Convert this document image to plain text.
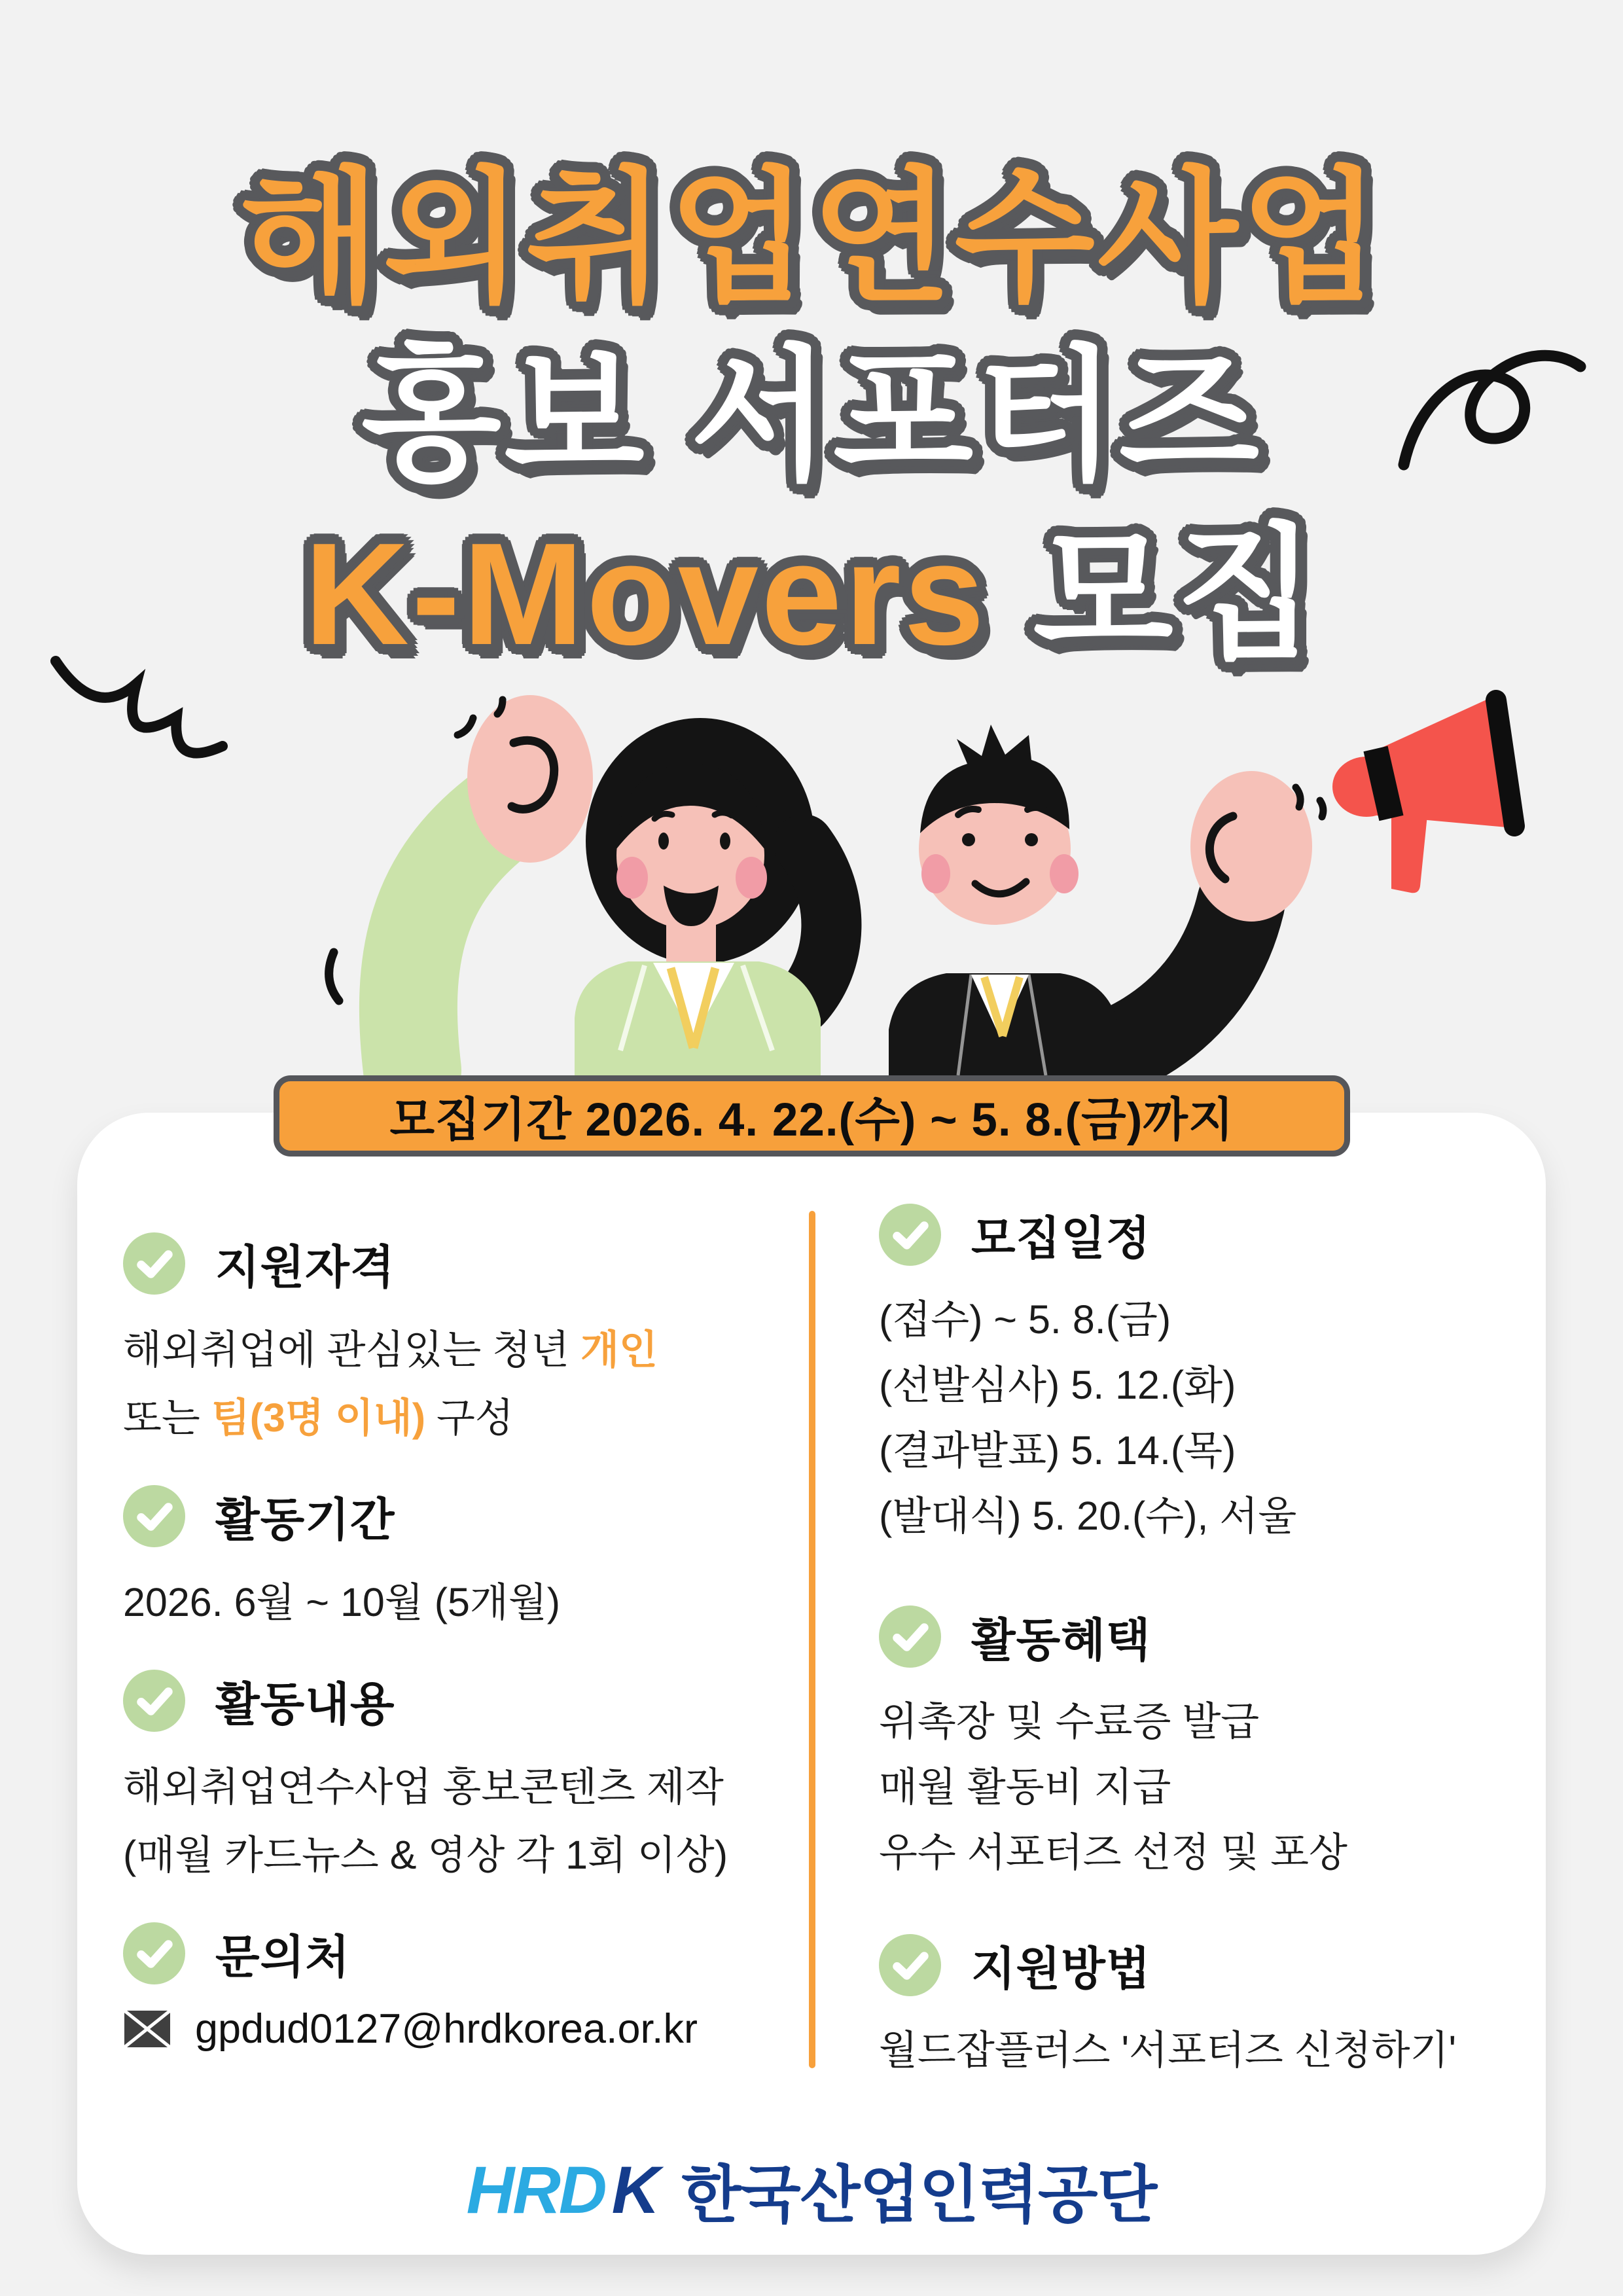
해외취업연수사업
홍보 서포터즈
K-Movers 모집
모집기간 2026. 4. 22.(수) ~ 5. 8.(금)까지
지원자격
해외취업에 관심있는 청년 개인
또는 팀(3명 이내) 구성
활동기간
2026. 6월 ~ 10월 (5개월)
활동내용
해외취업연수사업 홍보콘텐츠 제작
(매월 카드뉴스 & 영상 각 1회 이상)
문의처
gpdud0127@hrdkorea.or.kr
모집일정
(접수) ~ 5. 8.(금)
(선발심사) 5. 12.(화)
(결과발표) 5. 14.(목)
(발대식) 5. 20.(수), 서울
활동혜택
위촉장 및 수료증 발급
매월 활동비 지급
우수 서포터즈 선정 및 포상
지원방법
월드잡플러스 '서포터즈 신청하기'
HRD K 한국산업인력공단
